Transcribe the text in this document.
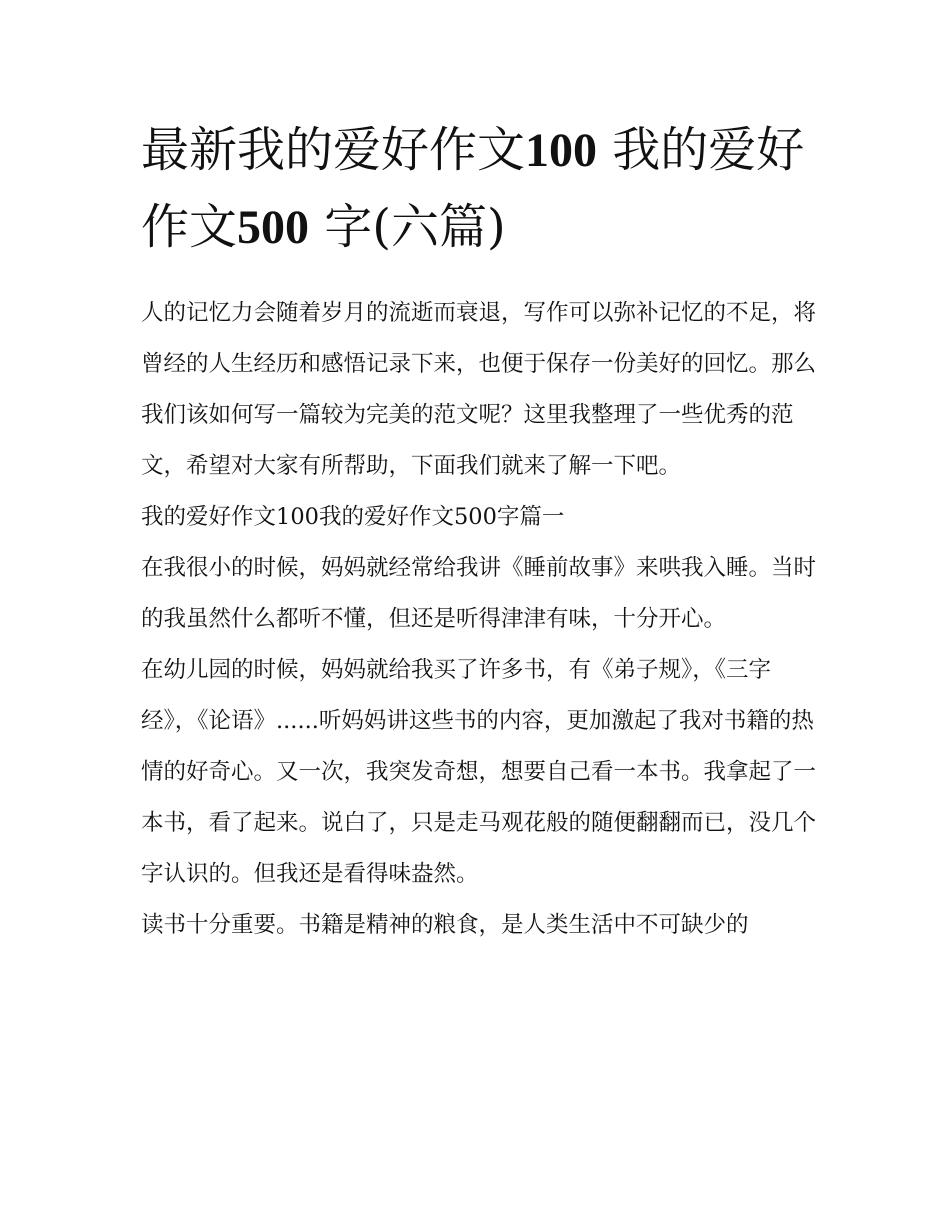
最新我的爱好作文100 我的爱好作文500 字(六篇)

人的记忆力会随着岁月的流逝而衰退，写作可以弥补记忆的不足，将曾经的人生经历和感悟记录下来，也便于保存一份美好的回忆。那么我们该如何写一篇较为完美的范文呢？这里我整理了一些优秀的范文，希望对大家有所帮助，下面我们就来了解一下吧。

我的爱好作文100我的爱好作文500字篇一

在我很小的时候，妈妈就经常给我讲《睡前故事》来哄我入睡。当时的我虽然什么都听不懂，但还是听得津津有味，十分开心。

在幼儿园的时候，妈妈就给我买了许多书，有《弟子规》，《三字经》，《论语》......听妈妈讲这些书的内容，更加激起了我对书籍的热情的好奇心。又一次，我突发奇想，想要自己看一本书。我拿起了一本书，看了起来。说白了，只是走马观花般的随便翻翻而已，没几个字认识的。但我还是看得味盎然。

读书十分重要。书籍是精神的粮食，是人类生活中不可缺少的
